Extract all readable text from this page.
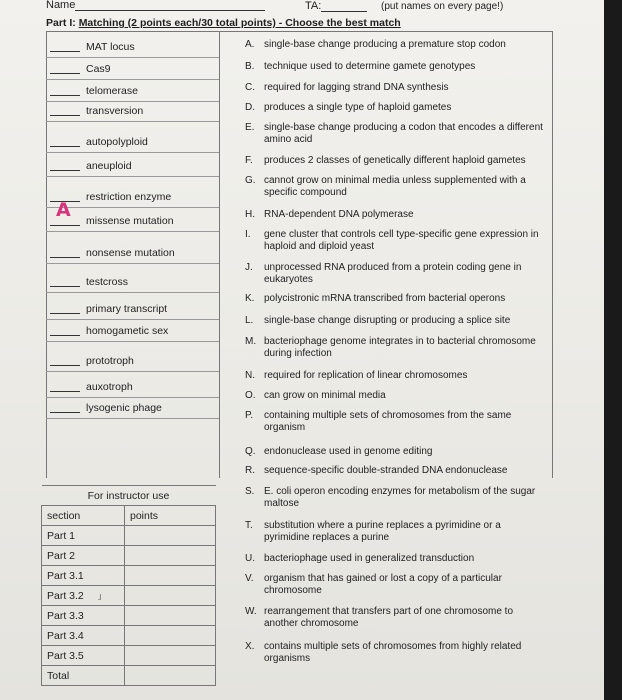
Name	TA:	(put names on every page!)
Part I: Matching (2 points each/30 total points) - Choose the best match
MAT locus
Cas9
telomerase
transversion
autopolyploid
aneuploid
restriction enzyme
missense mutation
nonsense mutation
testcross
primary transcript
homogametic sex
prototroph
auxotroph
lysogenic phage
A
A. single-base change producing a premature stop codon
B. technique used to determine gamete genotypes
C. required for lagging strand DNA synthesis
D. produces a single type of haploid gametes
E. single-base change producing a codon that encodes a different amino acid
F. produces 2 classes of genetically different haploid gametes
G. cannot grow on minimal media unless supplemented with a specific compound
H. RNA-dependent DNA polymerase
I. gene cluster that controls cell type-specific gene expression in haploid and diploid yeast
J. unprocessed RNA produced from a protein coding gene in eukaryotes
K. polycistronic mRNA transcribed from bacterial operons
L. single-base change disrupting or producing a splice site
M. bacteriophage genome integrates in to bacterial chromosome during infection
N. required for replication of linear chromosomes
O. can grow on minimal media
P. containing multiple sets of chromosomes from the same organism
Q. endonuclease used in genome editing
R. sequence-specific double-stranded DNA endonuclease
S. E. coli operon encoding enzymes for metabolism of the sugar maltose
T. substitution where a purine replaces a pyrimidine or a pyrimidine replaces a purine
U. bacteriophage used in generalized transduction
V. organism that has gained or lost a copy of a particular chromosome
W. rearrangement that transfers part of one chromosome to another chromosome
X. contains multiple sets of chromosomes from highly related organisms
For instructor use	
section	points
Part 1	
Part 2	
Part 3.1	
Part 3.2	
Part 3.3	
Part 3.4	
Part 3.5	
Total	
ɹ
